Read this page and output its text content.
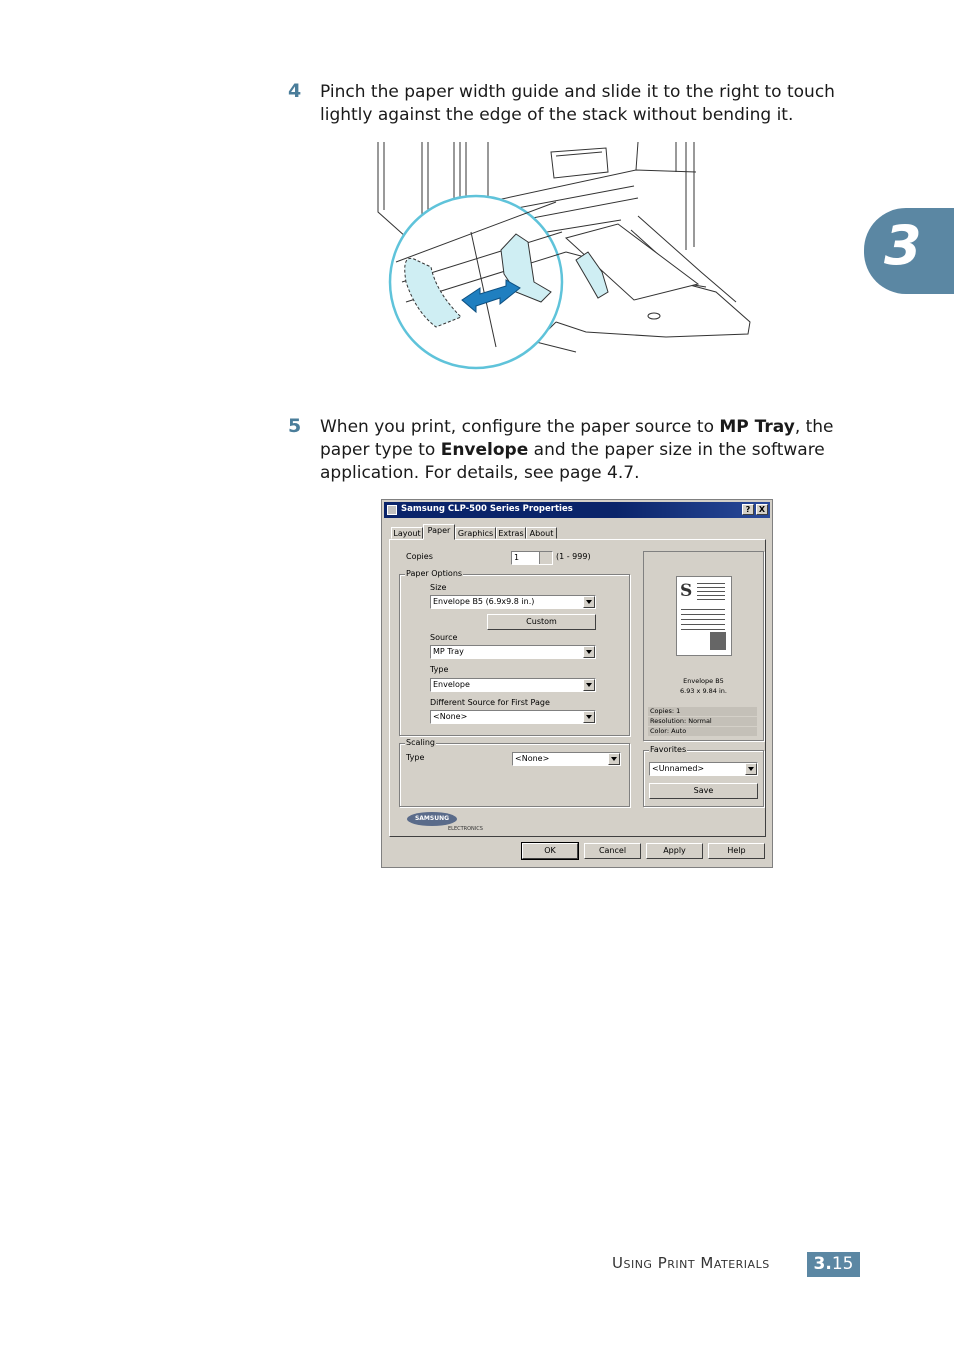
4 Pinch the paper width guide and slide it to the right to touch lightly against the edge of the stack without bending it.
3
5 When you print, configure the paper source to MP Tray, the paper type to Envelope and the paper size in the software application. For details, see page 4.7.
Samsung CLP-500 Series Properties	?	X
Layout Paper Graphics Extras About
Copies	1	(1 - 999)
Paper Options
Size
Envelope B5 (6.9x9.8 in.)
Custom
Source
MP Tray
Type
Envelope
Different Source for First Page
<None>
Scaling
Type	<None>
S
Envelope B5
6.93 x 9.84 in.
Copies: 1
Resolution: Normal
Color: Auto
Favorites
<Unnamed>
Save
SAMSUNG
ELECTRONICS
OK	Cancel	Apply	Help
Using Print Materials	3.15
